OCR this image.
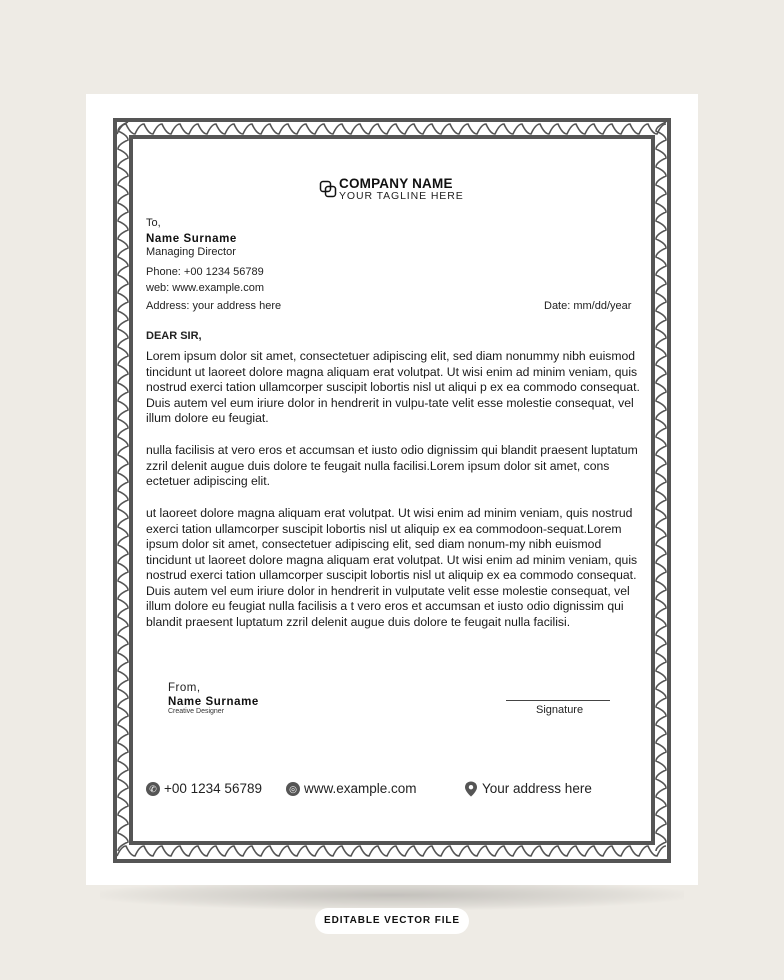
COMPANY NAME
YOUR TAGLINE HERE
To,
Name Surname
Managing Director
Phone: +00 1234 56789
web: www.example.com
Address: your address here	Date: mm/dd/year
DEAR SIR,
Lorem ipsum dolor sit amet, consectetuer adipiscing elit, sed diam nonummy nibh euismod tincidunt ut laoreet dolore magna aliquam erat volutpat. Ut wisi enim ad minim veniam, quis nostrud exerci tation ullamcorper suscipit lobortis nisl ut aliqui p ex ea commodo consequat. Duis autem vel eum iriure dolor in hendrerit in vulpu-tate velit esse molestie consequat, vel illum dolore eu feugiat.
nulla facilisis at vero eros et accumsan et iusto odio dignissim qui blandit praesent luptatum zzril delenit augue duis dolore te feugait nulla facilisi.Lorem ipsum dolor sit amet, cons ectetuer adipiscing elit.
ut laoreet dolore magna aliquam erat volutpat. Ut wisi enim ad minim veniam, quis nostrud exerci tation ullamcorper suscipit lobortis nisl ut aliquip ex ea commodoon-sequat.Lorem ipsum dolor sit amet, consectetuer adipiscing elit, sed diam nonum-my nibh euismod tincidunt ut laoreet dolore magna aliquam erat volutpat. Ut wisi enim ad minim veniam, quis nostrud exerci tation ullamcorper suscipit lobortis nisl ut aliquip ex ea commodo consequat. Duis autem vel eum iriure dolor in hendrerit in vulputate velit esse molestie consequat, vel illum dolore eu feugiat nulla facilisis a t vero eros et accumsan et iusto odio dignissim qui blandit praesent luptatum zzril delenit augue duis dolore te feugait nulla facilisi.
From,
Name Surname
Creative Designer	Signature
✆ +00 1234 56789	◎ www.example.com	Your address here
EDITABLE VECTOR FILE
